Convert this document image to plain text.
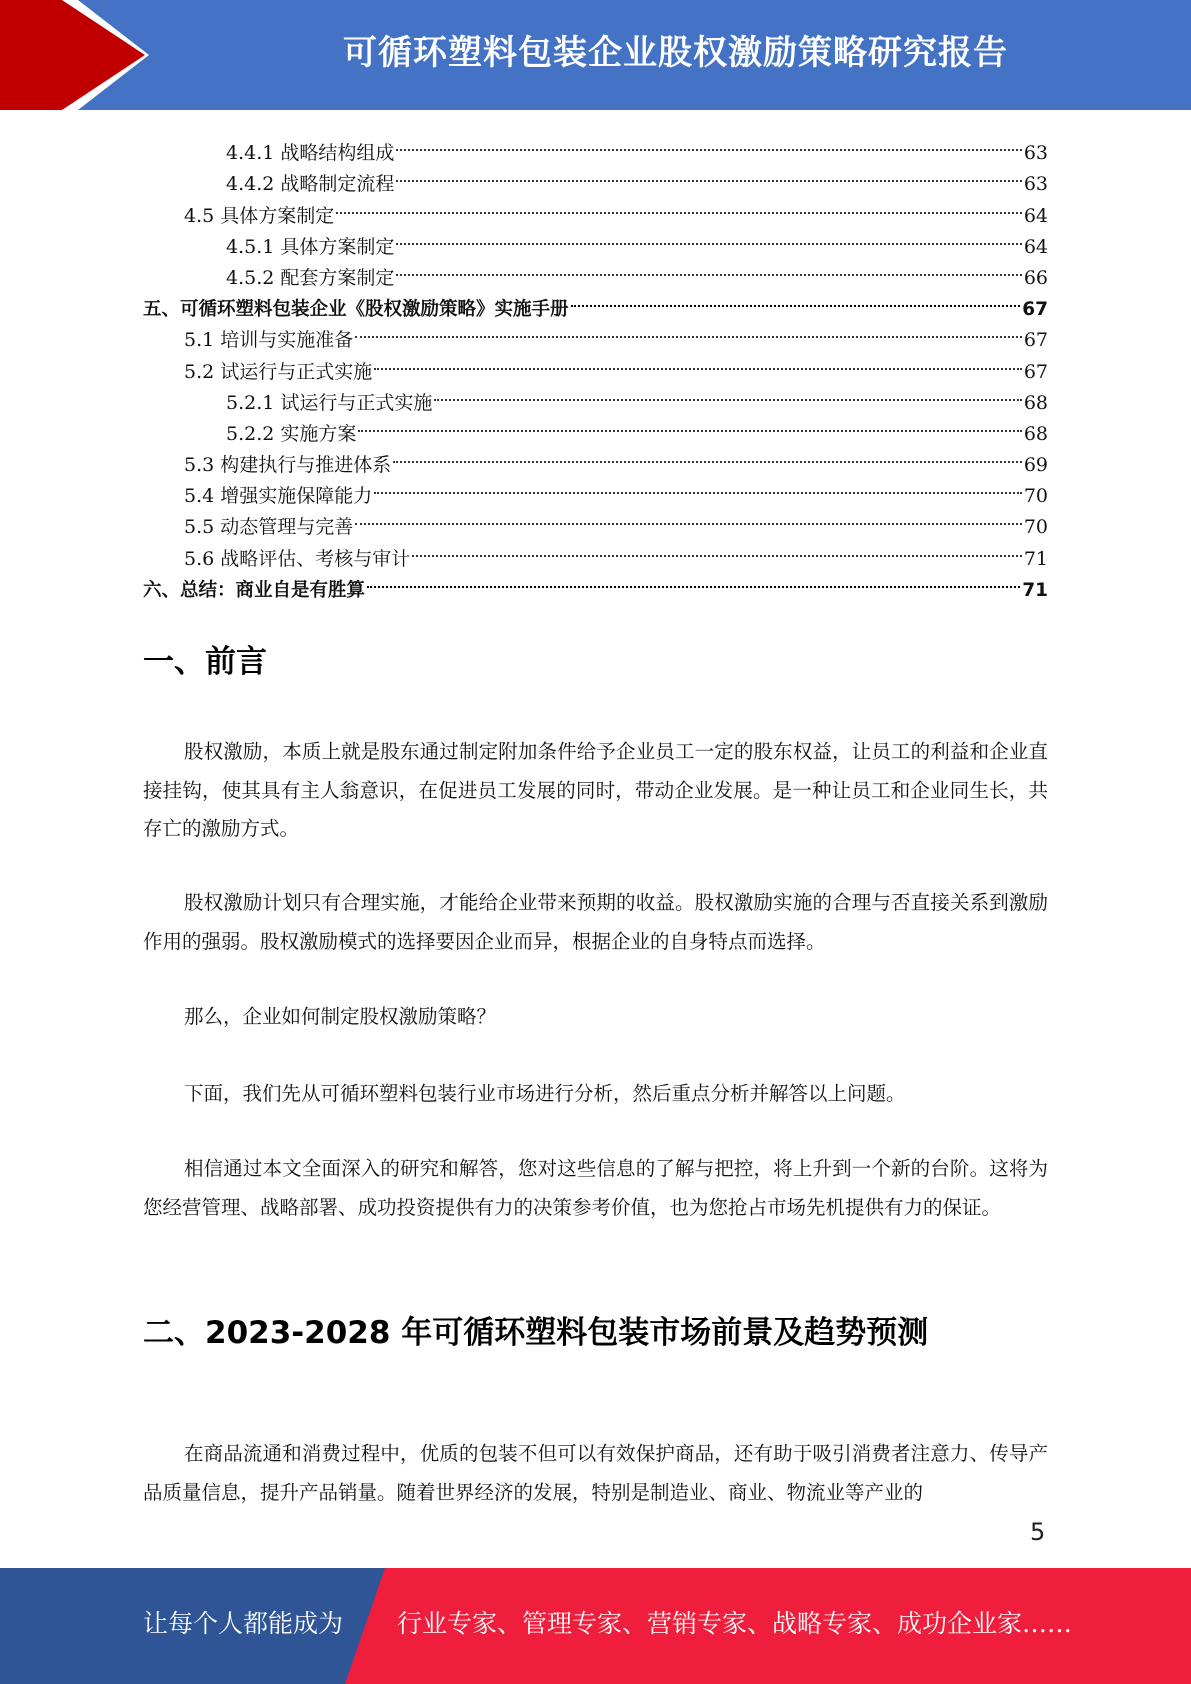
可循环塑料包装企业股权激励策略研究报告
4.4.1 战略结构组成	63
4.4.2 战略制定流程	63
4.5 具体方案制定	64
4.5.1 具体方案制定	64
4.5.2 配套方案制定	66
五、可循环塑料包装企业《股权激励策略》实施手册	67
5.1 培训与实施准备	67
5.2 试运行与正式实施	67
5.2.1 试运行与正式实施	68
5.2.2 实施方案	68
5.3 构建执行与推进体系	69
5.4 增强实施保障能力	70
5.5 动态管理与完善	70
5.6 战略评估、考核与审计	71
六、总结：商业自是有胜算	71
一、前言

股权激励，本质上就是股东通过制定附加条件给予企业员工一定的股东权益，让员工的利益和企业直接挂钩，使其具有主人翁意识，在促进员工发展的同时，带动企业发展。是一种让员工和企业同生长，共存亡的激励方式。

股权激励计划只有合理实施，才能给企业带来预期的收益。股权激励实施的合理与否直接关系到激励作用的强弱。股权激励模式的选择要因企业而异，根据企业的自身特点而选择。

那么，企业如何制定股权激励策略？

下面，我们先从可循环塑料包装行业市场进行分析，然后重点分析并解答以上问题。

相信通过本文全面深入的研究和解答，您对这些信息的了解与把控，将上升到一个新的台阶。这将为您经营管理、战略部署、成功投资提供有力的决策参考价值，也为您抢占市场先机提供有力的保证。

二、2023-2028 年可循环塑料包装市场前景及趋势预测

在商品流通和消费过程中，优质的包装不但可以有效保护商品，还有助于吸引消费者注意力、传导产品质量信息，提升产品销量。随着世界经济的发展，特别是制造业、商业、物流业等产业的

5
让每个人都能成为 行业专家、管理专家、营销专家、战略专家、成功企业家……
